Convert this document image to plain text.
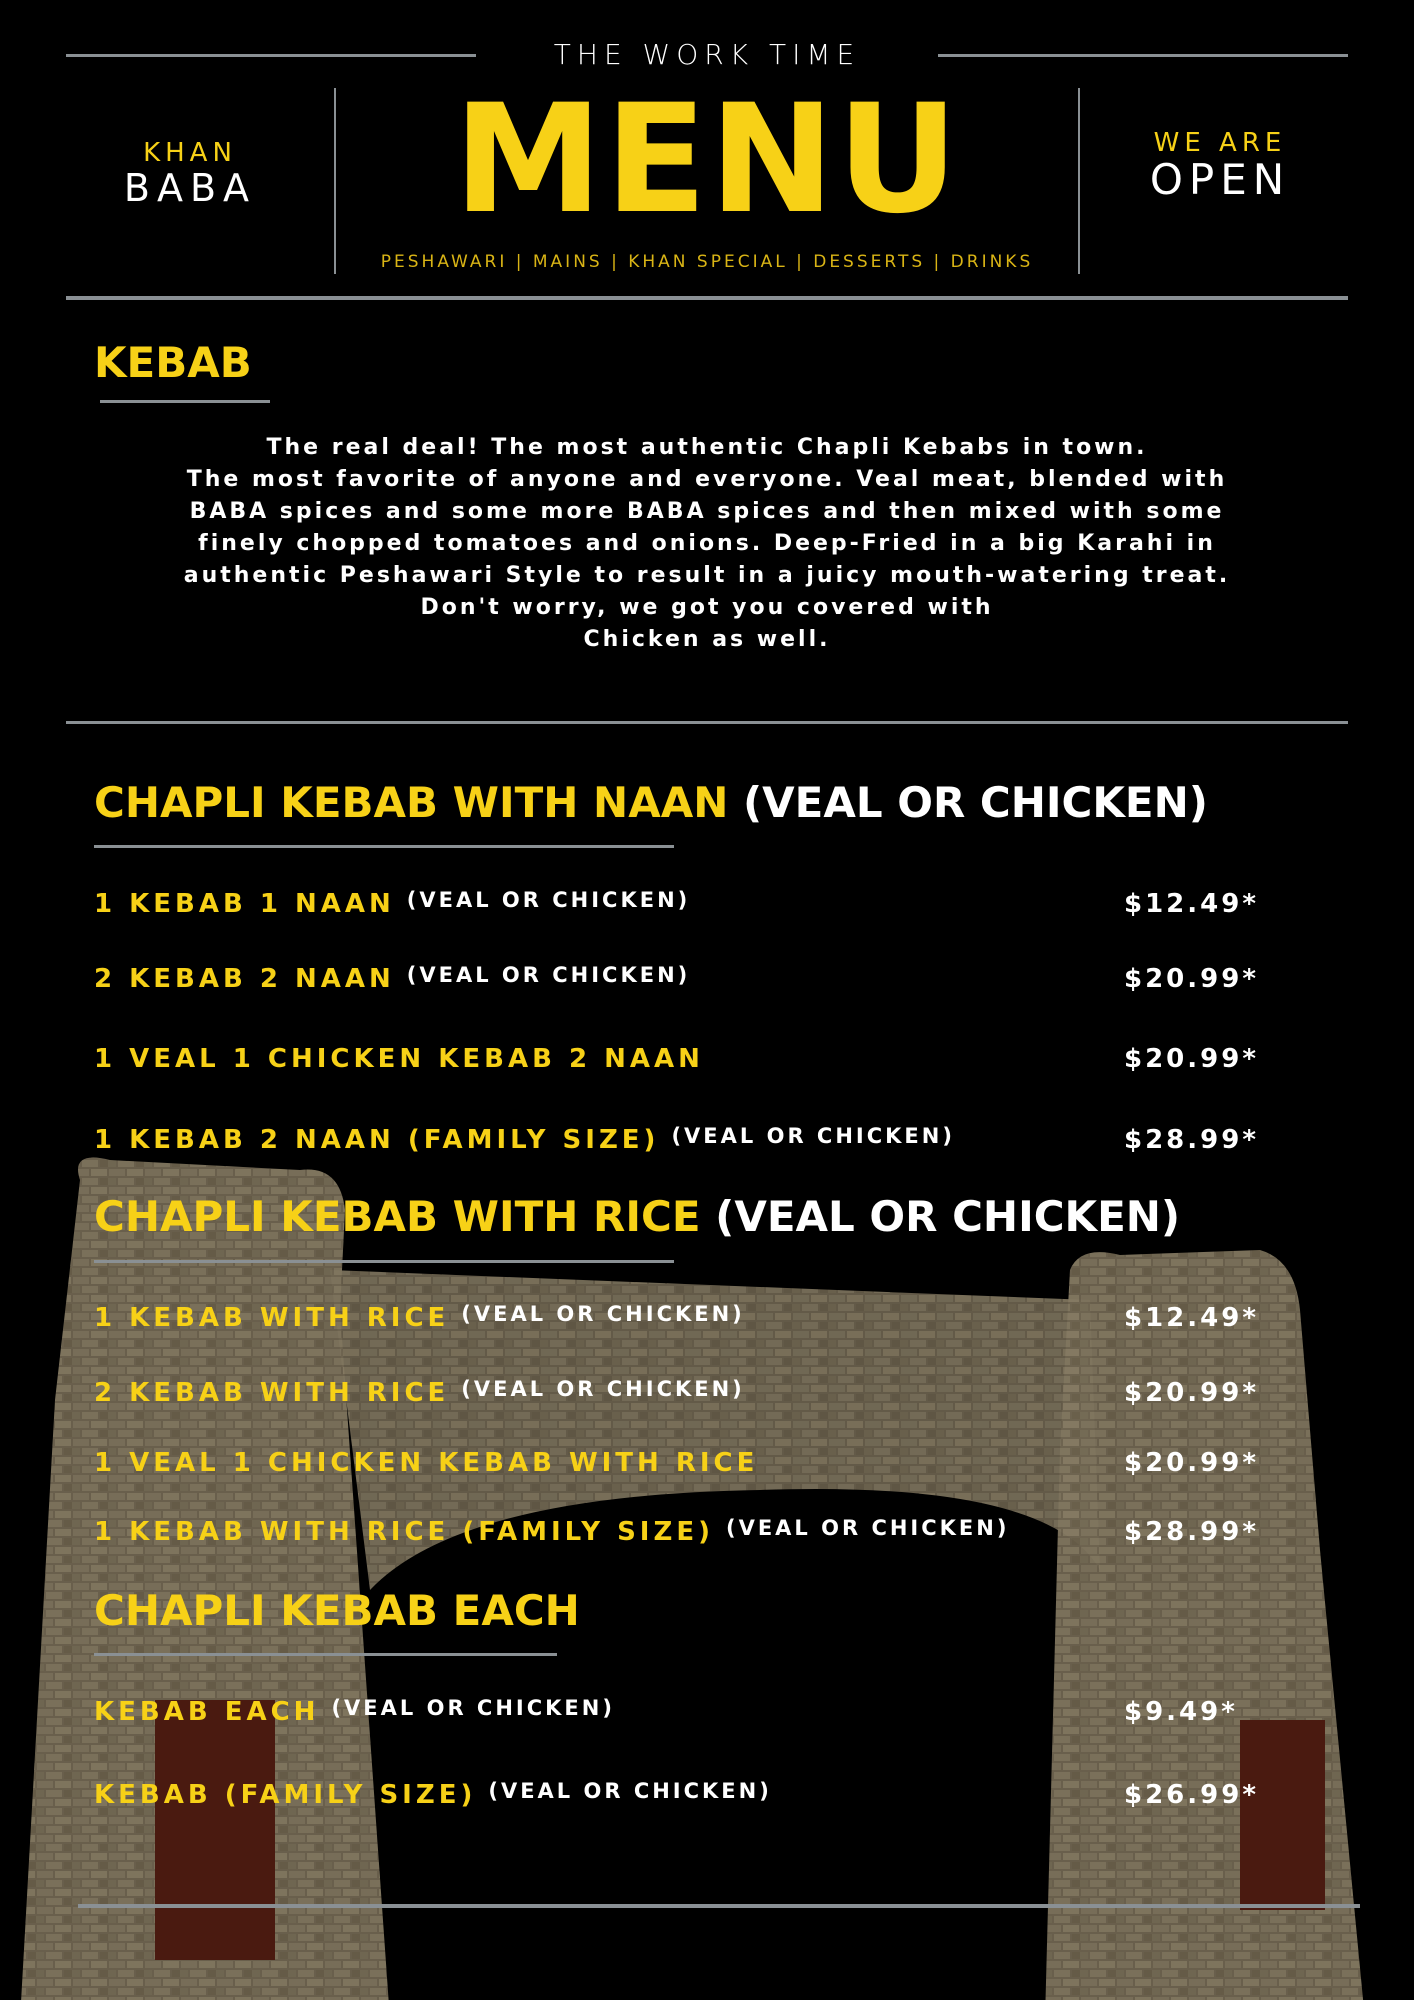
THE WORK TIME
MENU
PESHAWARI | MAINS | KHAN SPECIAL | DESSERTS | DRINKS
KHAN
BABA
WE ARE
OPEN
KEBAB
The real deal! The most authentic Chapli Kebabs in town.
The most favorite of anyone and everyone. Veal meat, blended with
BABA spices and some more BABA spices and then mixed with some
finely chopped tomatoes and onions. Deep-Fried in a big Karahi in
authentic Peshawari Style to result in a juicy mouth-watering treat.
Don't worry, we got you covered with
Chicken as well.
CHAPLI KEBAB WITH NAAN (VEAL OR CHICKEN)
1 KEBAB 1 NAAN (VEAL OR CHICKEN)	$12.49*
2 KEBAB 2 NAAN (VEAL OR CHICKEN)	$20.99*
1 VEAL 1 CHICKEN KEBAB 2 NAAN	$20.99*
1 KEBAB 2 NAAN (FAMILY SIZE) (VEAL OR CHICKEN)	$28.99*
CHAPLI KEBAB WITH RICE (VEAL OR CHICKEN)
1 KEBAB WITH RICE (VEAL OR CHICKEN)	$12.49*
2 KEBAB WITH RICE (VEAL OR CHICKEN)	$20.99*
1 VEAL 1 CHICKEN KEBAB WITH RICE	$20.99*
1 KEBAB WITH RICE (FAMILY SIZE) (VEAL OR CHICKEN)	$28.99*
CHAPLI KEBAB EACH
KEBAB EACH (VEAL OR CHICKEN)	$9.49*
KEBAB (FAMILY SIZE) (VEAL OR CHICKEN)	$26.99*
